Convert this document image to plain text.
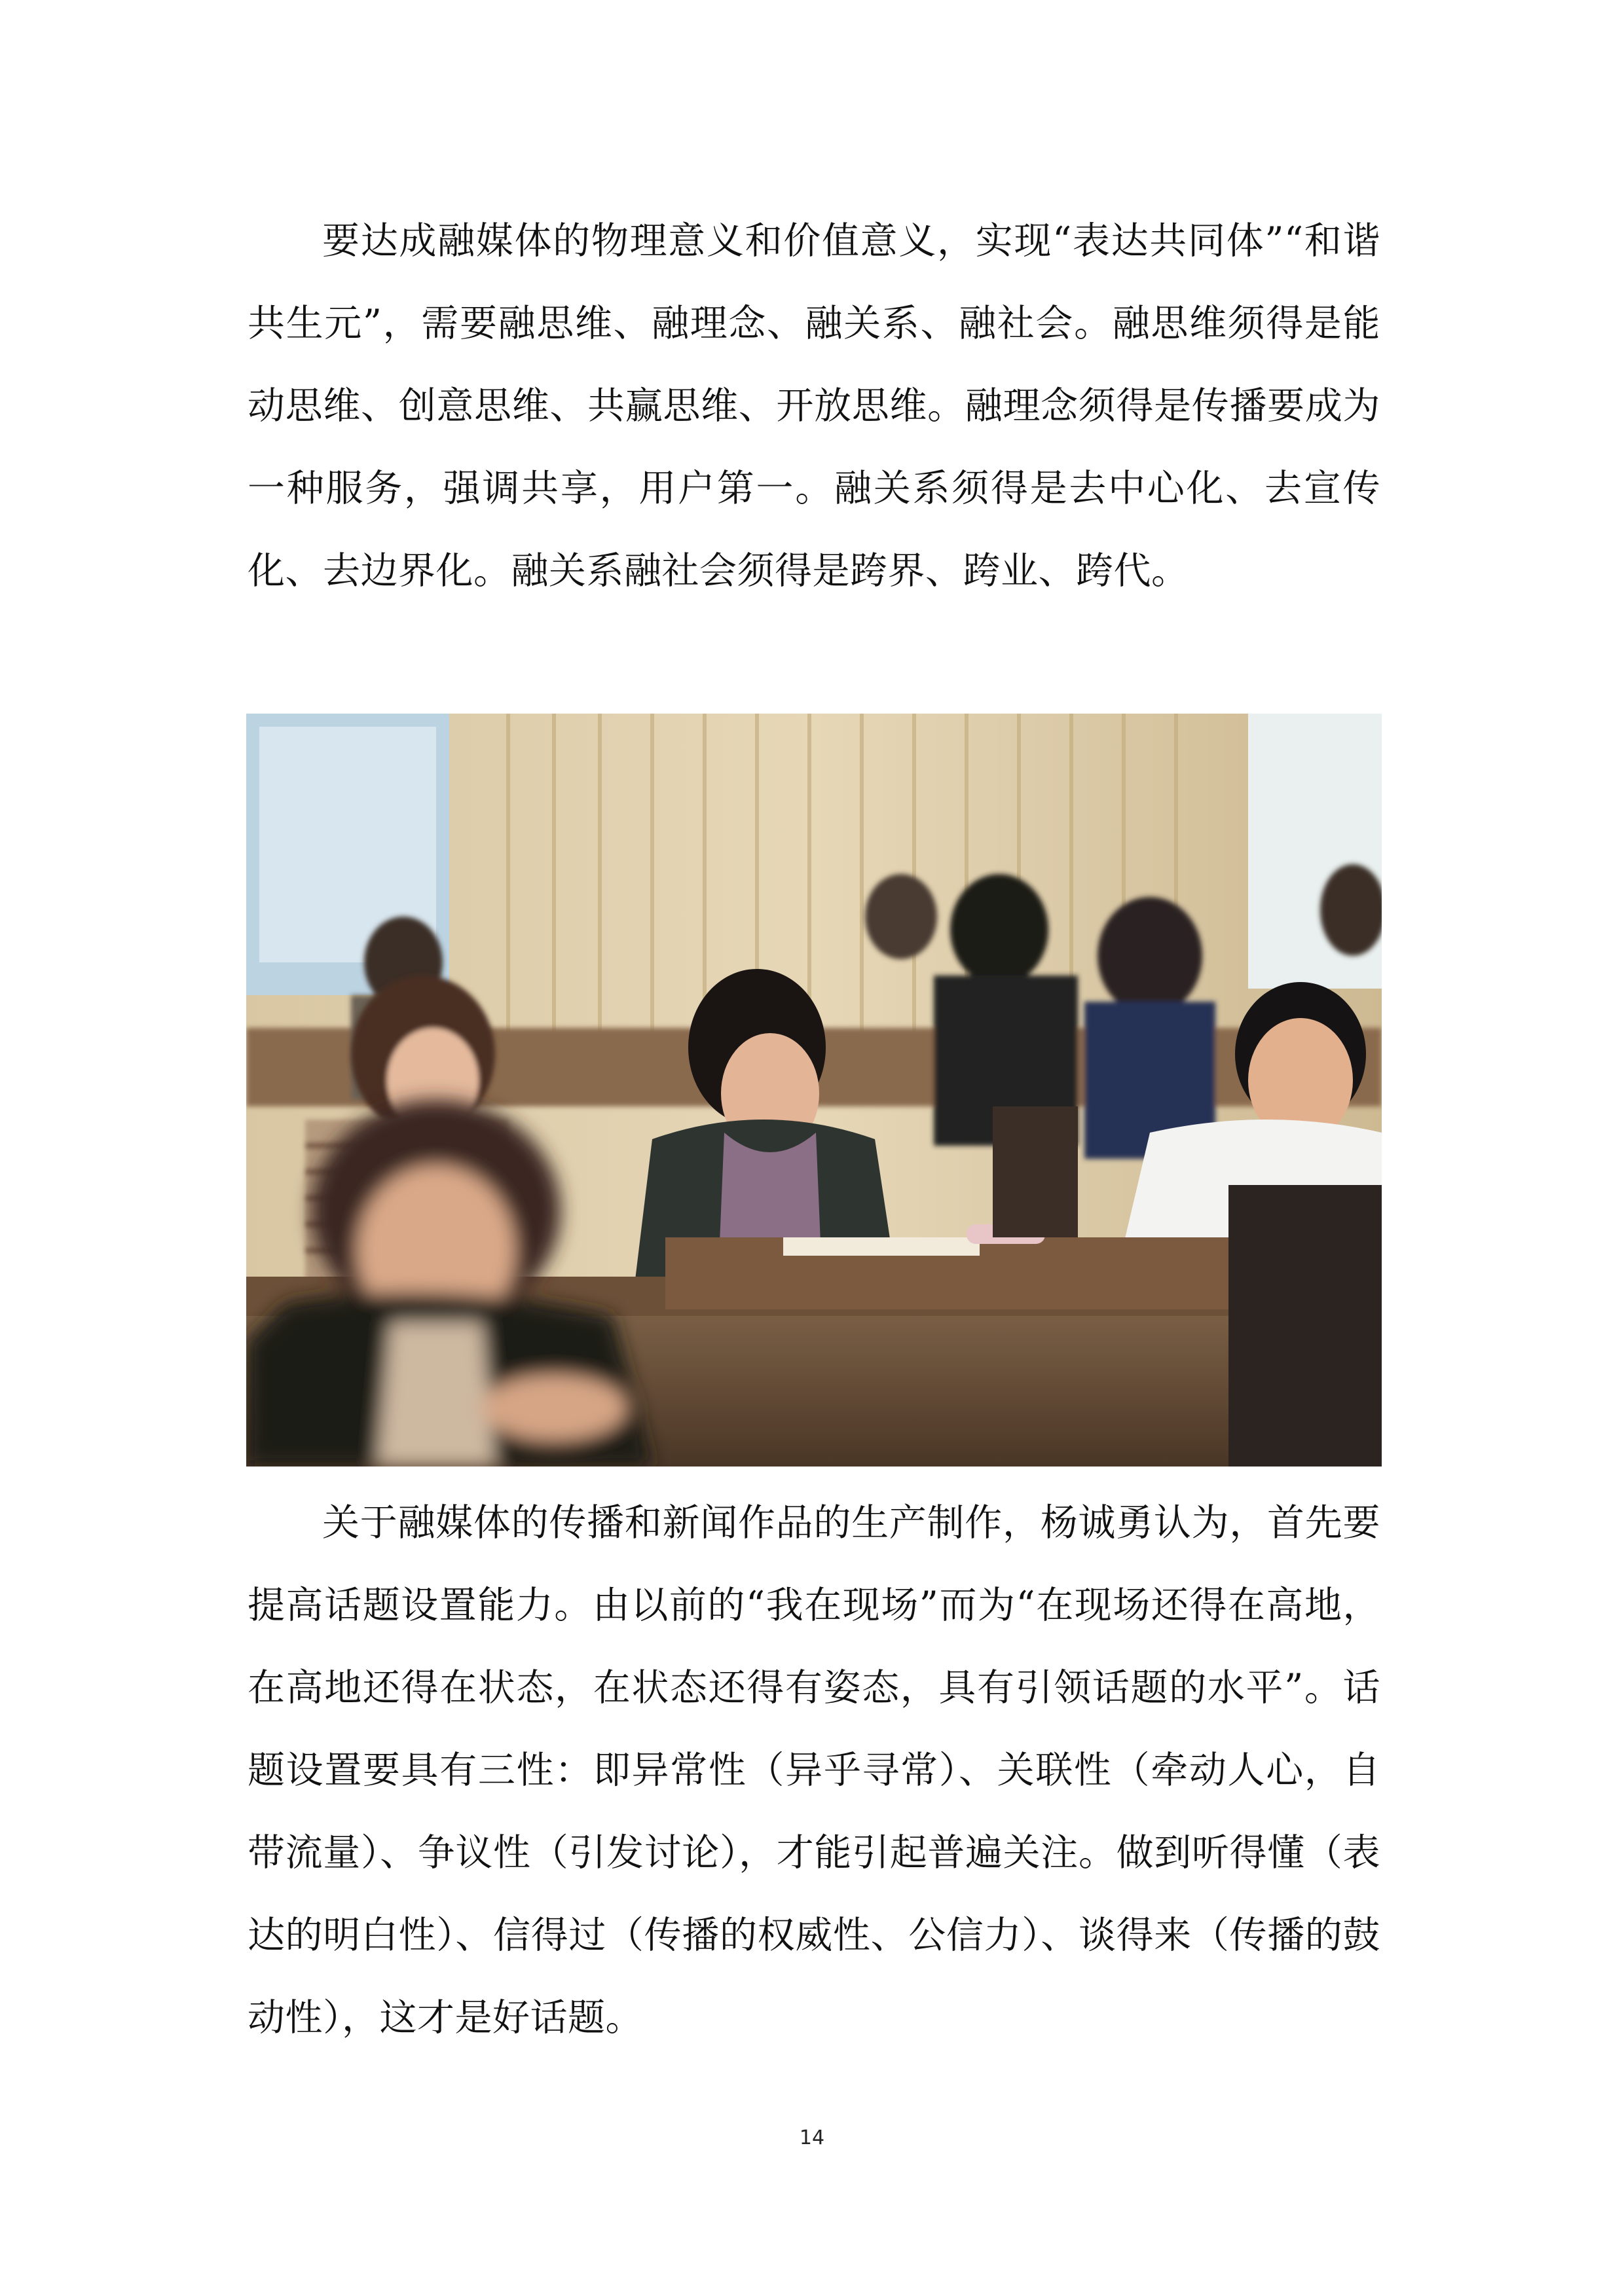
要达成融媒体的物理意义和价值意义，实现“表达共同体”“和谐共生元”，需要融思维、融理念、融关系、融社会。融思维须得是能动思维、创意思维、共赢思维、开放思维。融理念须得是传播要成为一种服务，强调共享，用户第一。融关系须得是去中心化、去宣传化、去边界化。融关系融社会须得是跨界、跨业、跨代。

关于融媒体的传播和新闻作品的生产制作，杨诚勇认为，首先要提高话题设置能力。由以前的“我在现场”而为“在现场还得在高地，在高地还得在状态，在状态还得有姿态，具有引领话题的水平”。话题设置要具有三性：即异常性（异乎寻常）、关联性（牵动人心，自带流量）、争议性（引发讨论），才能引起普遍关注。做到听得懂（表达的明白性）、信得过（传播的权威性、公信力）、谈得来（传播的鼓动性），这才是好话题。

14
